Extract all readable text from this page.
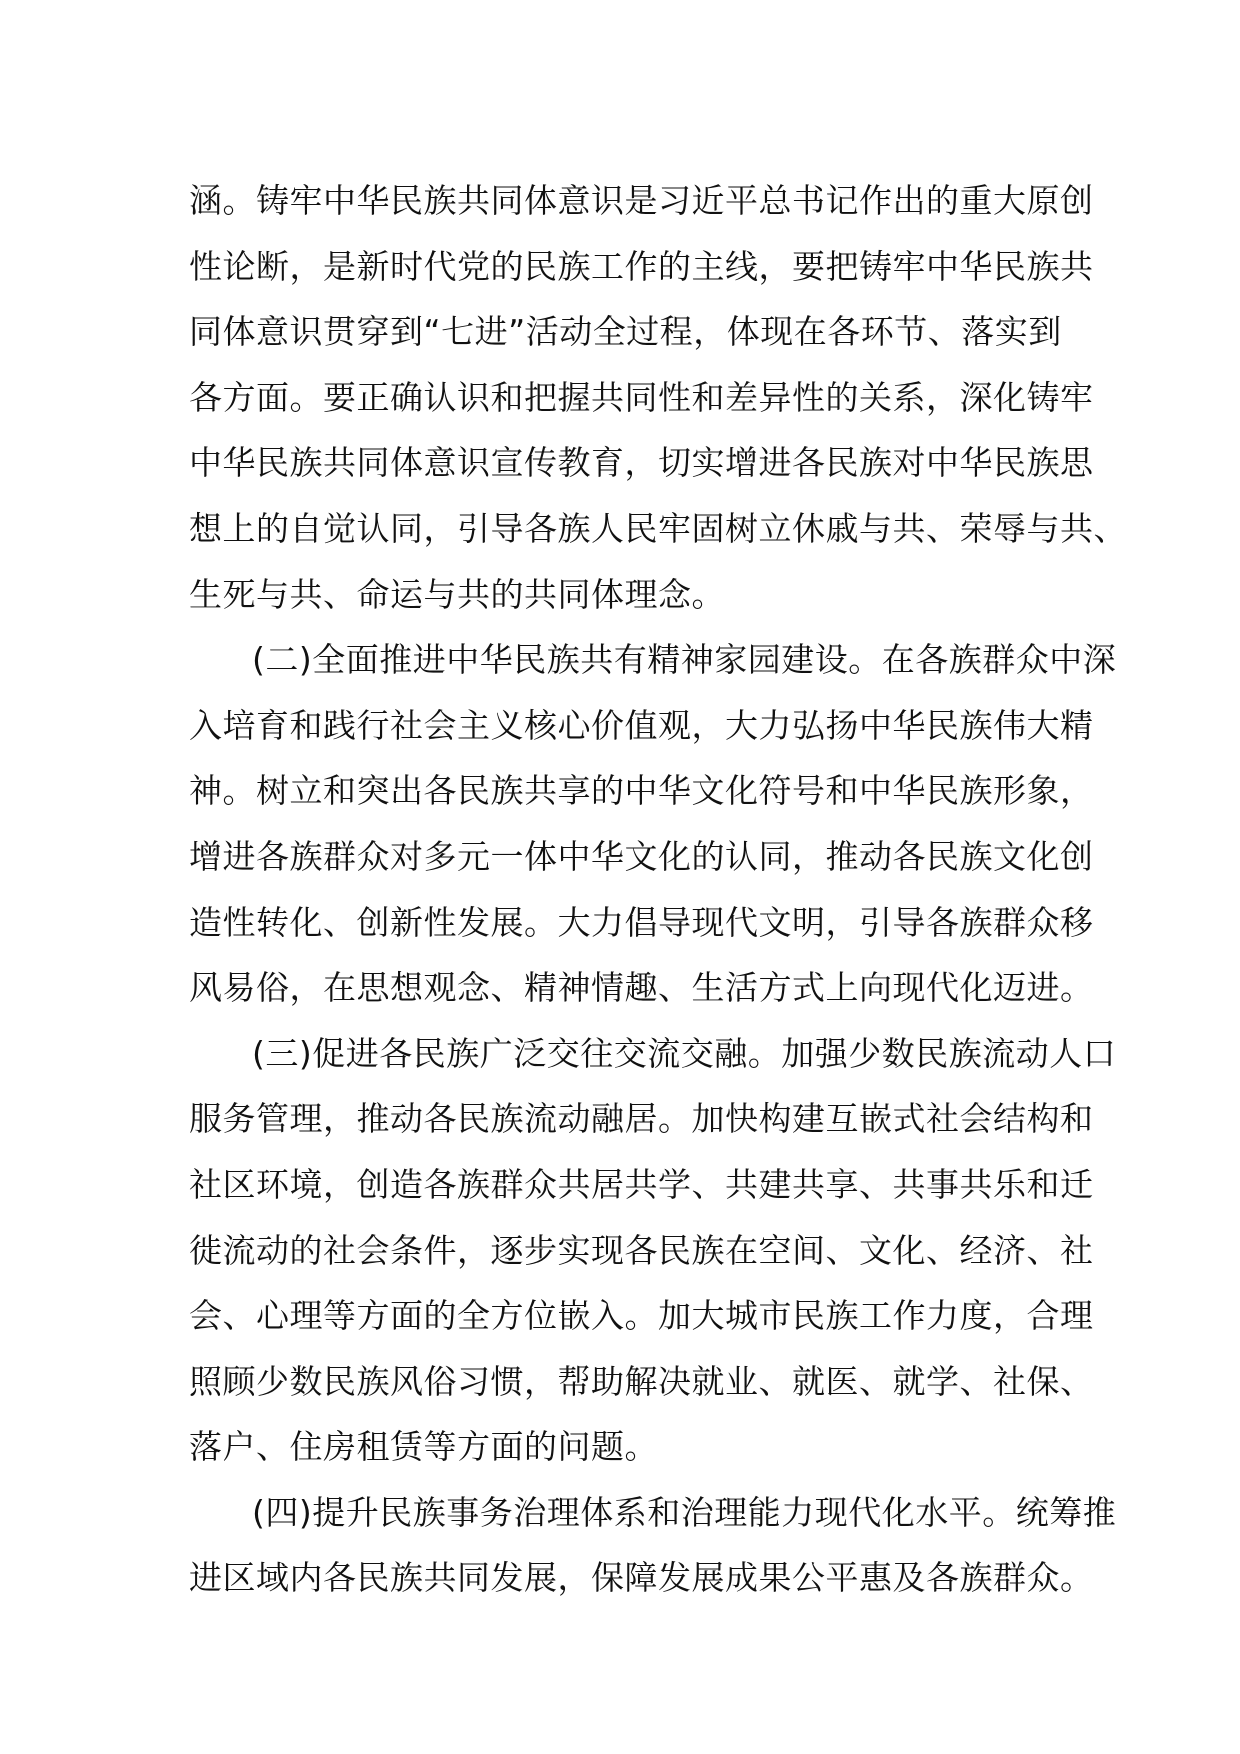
涵。铸牢中华民族共同体意识是习近平总书记作出的重大原创
性论断，是新时代党的民族工作的主线，要把铸牢中华民族共
同体意识贯穿到“七进”活动全过程，体现在各环节、落实到
各方面。要正确认识和把握共同性和差异性的关系，深化铸牢
中华民族共同体意识宣传教育，切实增进各民族对中华民族思
想上的自觉认同，引导各族人民牢固树立休戚与共、荣辱与共、
生死与共、命运与共的共同体理念。
(二)全面推进中华民族共有精神家园建设。在各族群众中深
入培育和践行社会主义核心价值观，大力弘扬中华民族伟大精
神。树立和突出各民族共享的中华文化符号和中华民族形象，
增进各族群众对多元一体中华文化的认同，推动各民族文化创
造性转化、创新性发展。大力倡导现代文明，引导各族群众移
风易俗，在思想观念、精神情趣、生活方式上向现代化迈进。
(三)促进各民族广泛交往交流交融。加强少数民族流动人口
服务管理，推动各民族流动融居。加快构建互嵌式社会结构和
社区环境，创造各族群众共居共学、共建共享、共事共乐和迁
徙流动的社会条件，逐步实现各民族在空间、文化、经济、社
会、心理等方面的全方位嵌入。加大城市民族工作力度，合理
照顾少数民族风俗习惯，帮助解决就业、就医、就学、社保、
落户、住房租赁等方面的问题。
(四)提升民族事务治理体系和治理能力现代化水平。统筹推
进区域内各民族共同发展，保障发展成果公平惠及各族群众。
